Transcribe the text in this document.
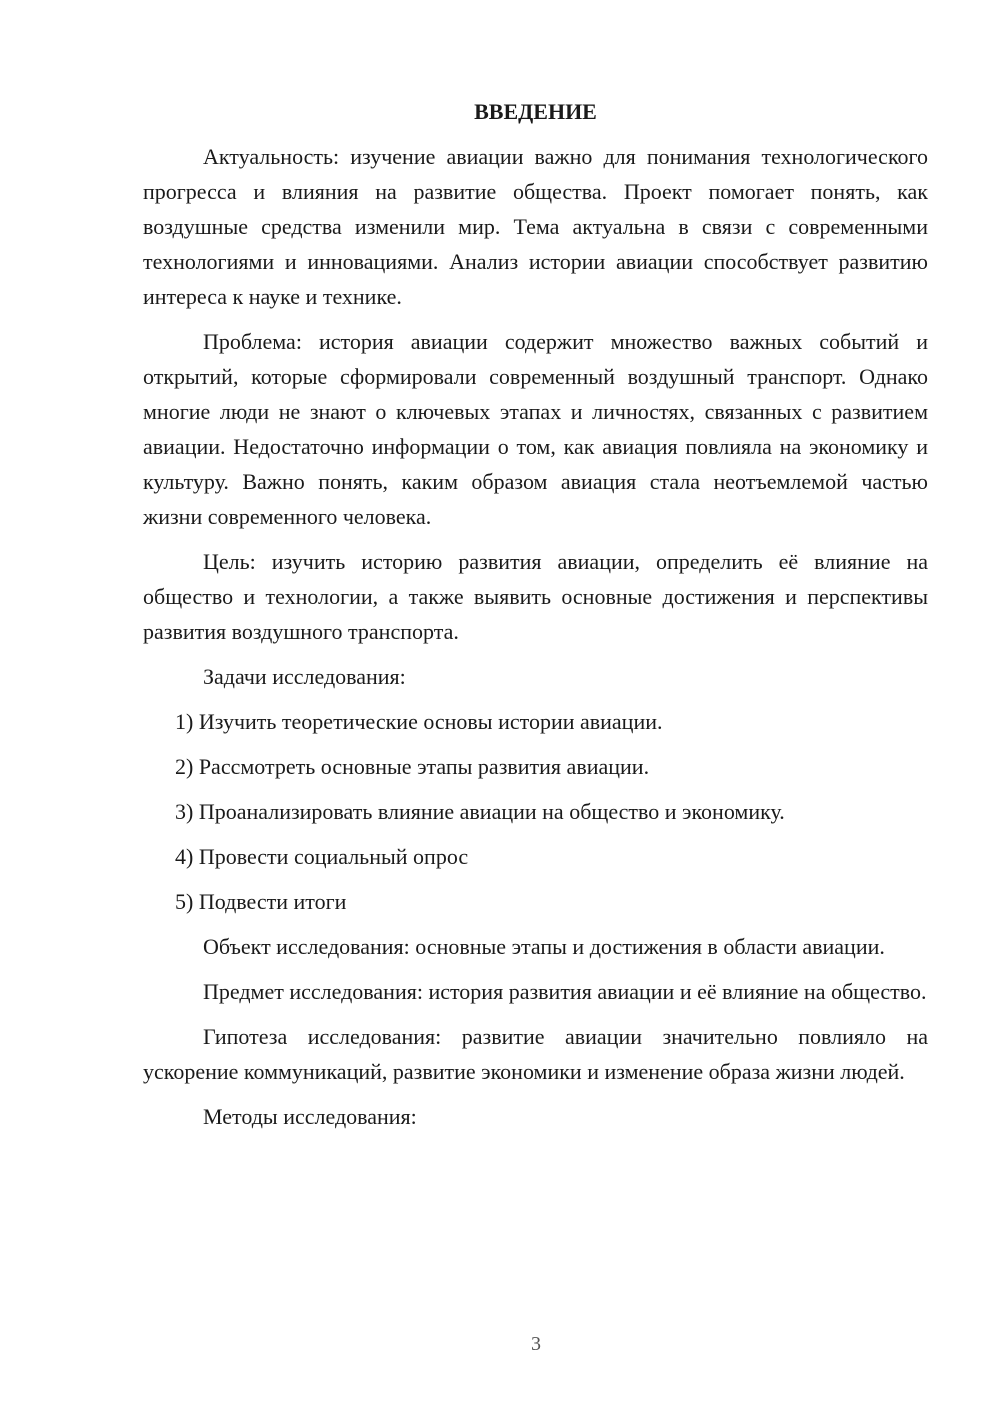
ВВЕДЕНИЕ

Актуальность: изучение авиации важно для понимания технологического прогресса и влияния на развитие общества. Проект помогает понять, как воздушные средства изменили мир. Тема актуальна в связи с современными технологиями и инновациями. Анализ истории авиации способствует развитию интереса к науке и технике.

Проблема: история авиации содержит множество важных событий и открытий, которые сформировали современный воздушный транспорт. Однако многие люди не знают о ключевых этапах и личностях, связанных с развитием авиации. Недостаточно информации о том, как авиация повлияла на экономику и культуру. Важно понять, каким образом авиация стала неотъемлемой частью жизни современного человека.

Цель: изучить историю развития авиации, определить её влияние на общество и технологии, а также выявить основные достижения и перспективы развития воздушного транспорта.

Задачи исследования:

1) Изучить теоретические основы истории авиации.
2) Рассмотреть основные этапы развития авиации.
3) Проанализировать влияние авиации на общество и экономику.
4) Провести социальный опрос
5) Подвести итоги

Объект исследования: основные этапы и достижения в области авиации.

Предмет исследования: история развития авиации и её влияние на общество.

Гипотеза исследования: развитие авиации значительно повлияло на ускорение коммуникаций, развитие экономики и изменение образа жизни людей.

Методы исследования:

3
